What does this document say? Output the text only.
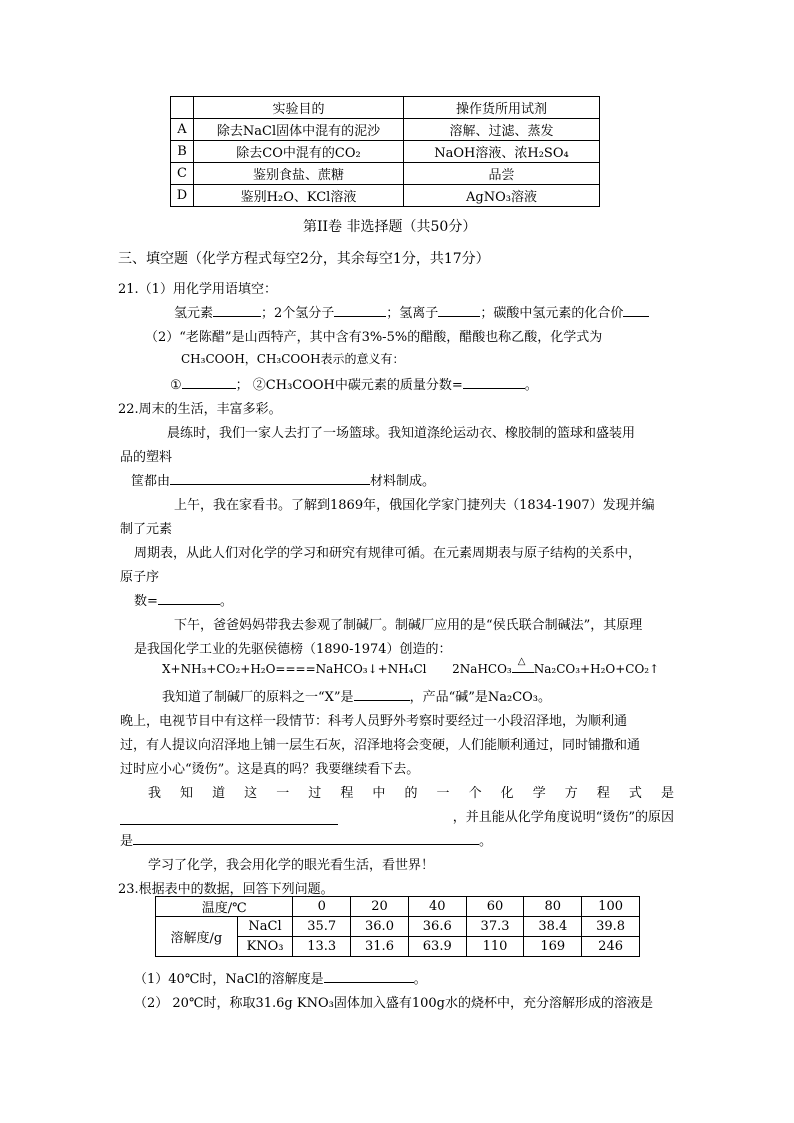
	实验目的	操作货所用试剂
A	除去NaCl固体中混有的泥沙	溶解、过滤、蒸发
B	除去CO中混有的CO₂	NaOH溶液、浓H₂SO₄
C	鉴别食盐、蔗糖	品尝
D	鉴别H₂O、KCl溶液	AgNO₃溶液
第II卷 非选择题（共50分）
三、填空题（化学方程式每空2分，其余每空1分，共17分）
21.（1）用化学用语填空：
氢元素	；2个氢分子	；氢离子	；碳酸中氢元素的化合价
（2）“老陈醋”是山西特产，其中含有3%-5%的醋酸，醋酸也称乙酸，化学式为
CH₃COOH，CH₃COOH表示的意义有：
①	； ②CH₃COOH中碳元素的质量分数=	。
22.周末的生活，丰富多彩。
晨练时，我们一家人去打了一场篮球。我知道涤纶运动衣、橡胶制的篮球和盛装用
品的塑料
筐都由	材料制成。
上午，我在家看书。了解到1869年，俄国化学家门捷列夫（1834-1907）发现并编
制了元素
周期表，从此人们对化学的学习和研究有规律可循。在元素周期表与原子结构的关系中，
原子序
数=	。
下午，爸爸妈妈带我去参观了制碱厂。制碱厂应用的是“侯氏联合制碱法”，其原理
是我国化学工业的先驱侯德榜（1890-1974）创造的：
X+NH₃+CO₂+H₂O====NaHCO₃↓+NH₄Cl 2NaHCO₃
△
Na₂CO₃+H₂O+CO₂↑
我知道了制碱厂的原料之一“X”是	，产品“碱”是Na₂CO₃。
晚上，电视节目中有这样一段情节：科考人员野外考察时要经过一小段沼泽地，为顺利通
过，有人提议向沼泽地上铺一层生石灰，沼泽地将会变硬，人们能顺利通过，同时铺撒和通
过时应小心“烫伤”。这是真的吗？我要继续看下去。
我知道这一过程中的一个化学方程式是
，并且能从化学角度说明“烫伤”的原因
是	。
学习了化学，我会用化学的眼光看生活，看世界！
23.根据表中的数据，回答下列问题。
温度/℃		0	20	40	60	80	100
溶解度/g	NaCl	35.7	36.0	36.6	37.3	38.4	39.8
	KNO₃	13.3	31.6	63.9	110	169	246
（1）40℃时，NaCl的溶解度是	。
（2） 20℃时，称取31.6g KNO₃固体加入盛有100g水的烧杯中，充分溶解形成的溶液是
